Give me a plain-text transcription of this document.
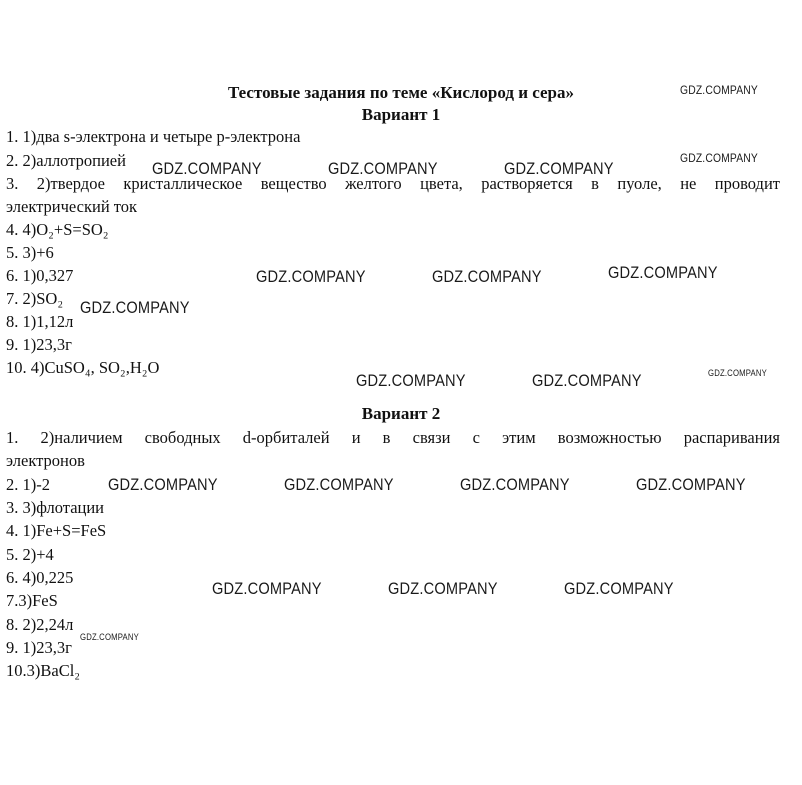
Тестовые задания по теме «Кислород и сера»
Вариант 1
1. 1)два s-электрона и четыре p-электрона
2. 2)аллотропией
3. 2)твердое кристаллическое вещество желтого цвета, растворяется в пуоле, не проводит
электрический ток
4. 4)O₂+S=SO₂
5. 3)+6
6. 1)0,327
7. 2)SO₂
8. 1)1,12л
9. 1)23,3г
10. 4)CuSO₄, SO₂,H₂O
Вариант 2
1. 2)наличием свободных d-орбиталей и в связи с этим возможностью распаривания
электронов
2. 1)-2
3. 3)флотации
4. 1)Fe+S=FeS
5. 2)+4
6. 4)0,225
7.3)FeS
8. 2)2,24л
9. 1)23,3г
10.3)BaCl₂
GDZ.COMPANY
GDZ.COMPANY
GDZ.COMPANY	GDZ.COMPANY	GDZ.COMPANY
GDZ.COMPANY	GDZ.COMPANY	GDZ.COMPANY
GDZ.COMPANY
GDZ.COMPANY	GDZ.COMPANY	GDZ.COMPANY
GDZ.COMPANY	GDZ.COMPANY	GDZ.COMPANY	GDZ.COMPANY
GDZ.COMPANY	GDZ.COMPANY	GDZ.COMPANY
GDZ.COMPANY
